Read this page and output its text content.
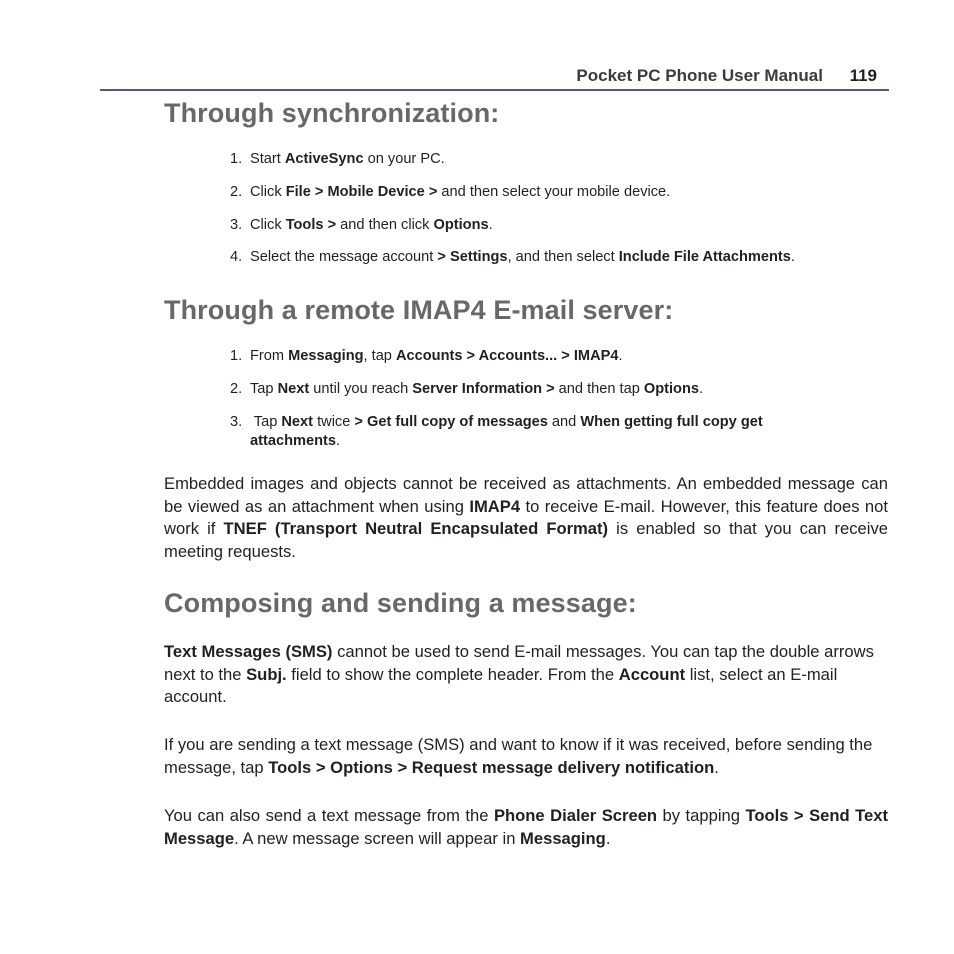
Pocket PC Phone User Manual 119
Through synchronization:
1. Start ActiveSync on your PC.
2. Click File > Mobile Device > and then select your mobile device.
3. Click Tools > and then click Options.
4. Select the message account > Settings, and then select Include File Attachments.
Through a remote IMAP4 E-mail server:
1. From Messaging, tap Accounts > Accounts... > IMAP4.
2. Tap Next until you reach Server Information > and then tap Options.
3. Tap Next twice > Get full copy of messages and When getting full copy get
attachments.
Embedded images and objects cannot be received as attachments. An embedded message can be viewed as an attachment when using IMAP4 to receive E-mail. However, this feature does not work if TNEF (Transport Neutral Encapsulated Format) is enabled so that you can receive meeting requests.
Composing and sending a message:
Text Messages (SMS) cannot be used to send E-mail messages. You can tap the double arrows next to the Subj. field to show the complete header. From the Account list, select an E-mail account.
If you are sending a text message (SMS) and want to know if it was received, before sending the message, tap Tools > Options > Request message delivery notification.
You can also send a text message from the Phone Dialer Screen by tapping Tools > Send Text Message. A new message screen will appear in Messaging.
